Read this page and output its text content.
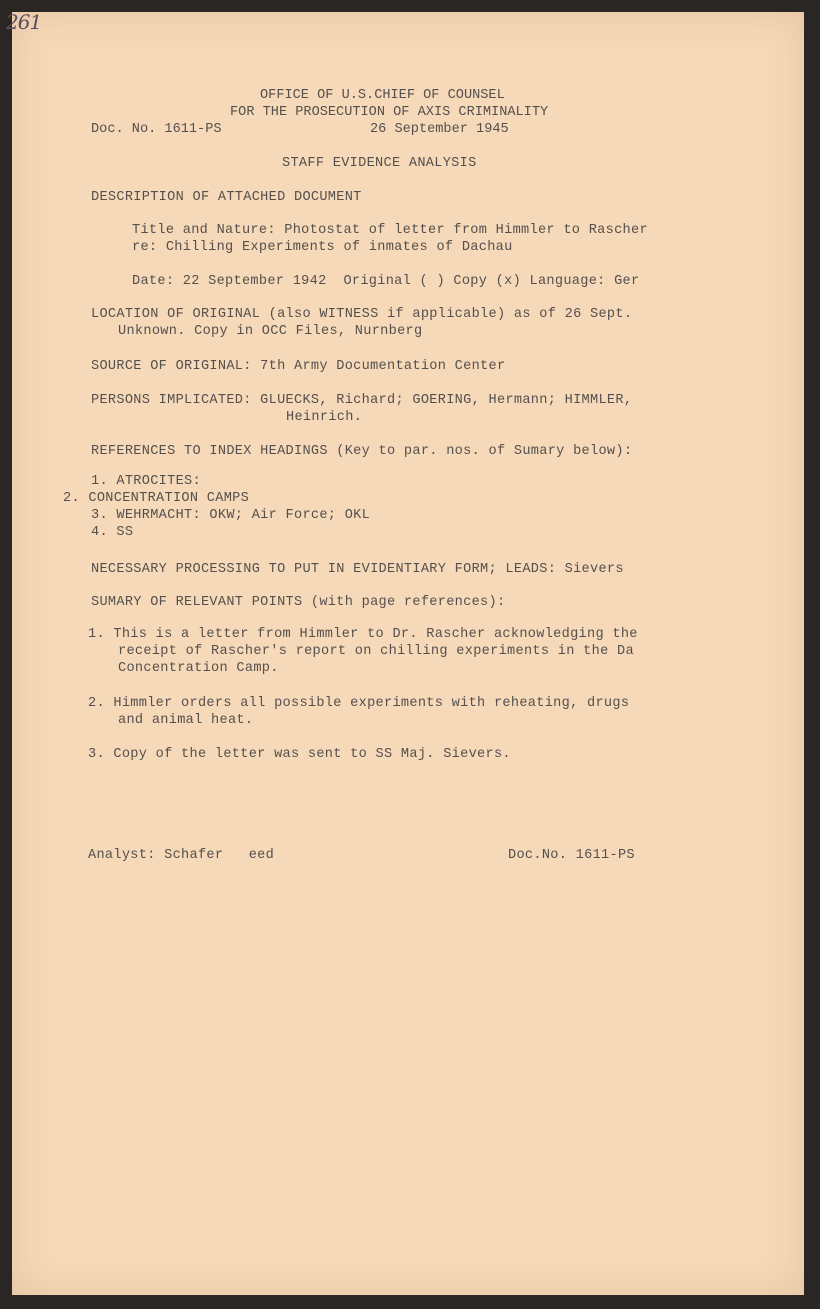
261
OFFICE OF U.S.CHIEF OF COUNSEL
FOR THE PROSECUTION OF AXIS CRIMINALITY
Doc. No. 1611-PS	26 September 1945
STAFF EVIDENCE ANALYSIS
DESCRIPTION OF ATTACHED DOCUMENT
Title and Nature: Photostat of letter from Himmler to Rascher
re: Chilling Experiments of inmates of Dachau
Date: 22 September 1942  Original ( ) Copy (x) Language: Ger
LOCATION OF ORIGINAL (also WITNESS if applicable) as of 26 Sept.
Unknown. Copy in OCC Files, Nurnberg
SOURCE OF ORIGINAL: 7th Army Documentation Center
PERSONS IMPLICATED: GLUECKS, Richard; GOERING, Hermann; HIMMLER,
Heinrich.
REFERENCES TO INDEX HEADINGS (Key to par. nos. of Sumary below):
1. ATROCITES:
2. CONCENTRATION CAMPS
3. WEHRMACHT: OKW; Air Force; OKL
4. SS
NECESSARY PROCESSING TO PUT IN EVIDENTIARY FORM; LEADS: Sievers
SUMARY OF RELEVANT POINTS (with page references):
1. This is a letter from Himmler to Dr. Rascher acknowledging the
receipt of Rascher's report on chilling experiments in the Da
Concentration Camp.
2. Himmler orders all possible experiments with reheating, drugs
and animal heat.
3. Copy of the letter was sent to SS Maj. Sievers.
Analyst: Schafer   eed	Doc.No. 1611-PS
